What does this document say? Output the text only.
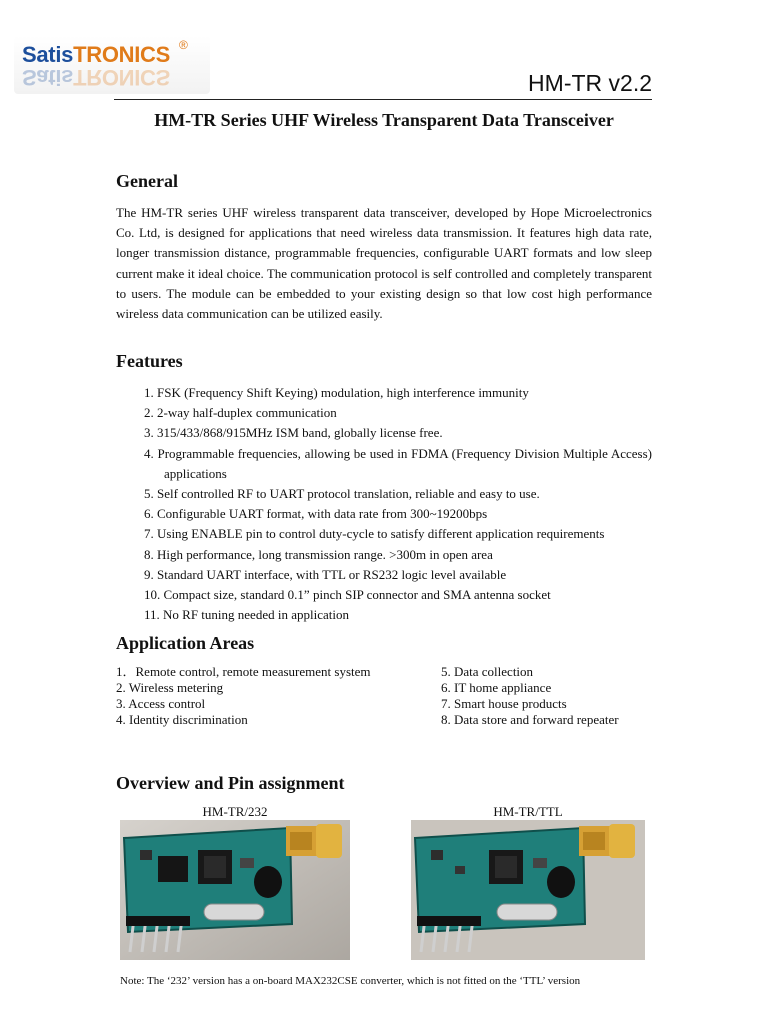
SatisTRONICS ®
SatisTRONICS	HM-TR v2.2
HM-TR Series UHF Wireless Transparent Data Transceiver
General
The HM-TR series UHF wireless transparent data transceiver, developed by Hope Microelectronics Co. Ltd, is designed for applications that need wireless data transmission. It features high data rate, longer transmission distance, programmable frequencies, configurable UART formats and low sleep current make it ideal choice. The communication protocol is self controlled and completely transparent to users. The module can be embedded to your existing design so that low cost high performance wireless data communication can be utilized easily.
Features
1. FSK (Frequency Shift Keying) modulation, high interference immunity
2. 2-way half-duplex communication
3. 315/433/868/915MHz ISM band, globally license free.
4. Programmable frequencies, allowing be used in FDMA (Frequency Division Multiple Access) applications
5. Self controlled RF to UART protocol translation, reliable and easy to use.
6. Configurable UART format, with data rate from 300~19200bps
7. Using ENABLE pin to control duty-cycle to satisfy different application requirements
8. High performance, long transmission range. >300m in open area
9. Standard UART interface, with TTL or RS232 logic level available
10. Compact size, standard 0.1” pinch SIP connector and SMA antenna socket
11. No RF tuning needed in application
Application Areas
1．Remote control, remote measurement system
2. Wireless metering
3. Access control
4. Identity discrimination
5. Data collection
6. IT home appliance
7. Smart house products
8. Data store and forward repeater
Overview and Pin assignment
HM-TR/232	HM-TR/TTL
Note: The ‘232’ version has a on-board MAX232CSE converter, which is not fitted on the ‘TTL’ version
